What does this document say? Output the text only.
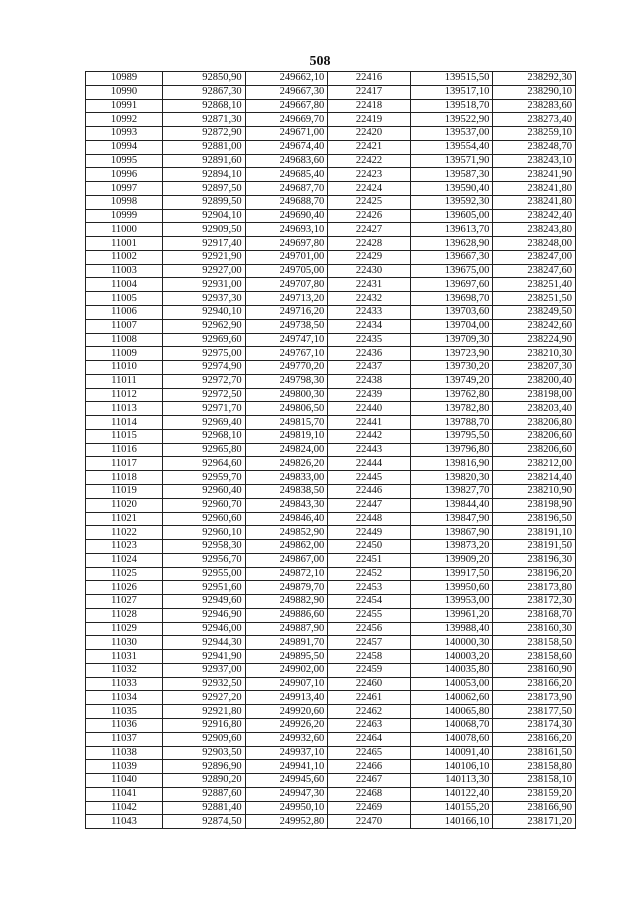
508
10989	92850,90	249662,10	22416	139515,50	238292,30
10990	92867,30	249667,30	22417	139517,10	238290,10
10991	92868,10	249667,80	22418	139518,70	238283,60
10992	92871,30	249669,70	22419	139522,90	238273,40
10993	92872,90	249671,00	22420	139537,00	238259,10
10994	92881,00	249674,40	22421	139554,40	238248,70
10995	92891,60	249683,60	22422	139571,90	238243,10
10996	92894,10	249685,40	22423	139587,30	238241,90
10997	92897,50	249687,70	22424	139590,40	238241,80
10998	92899,50	249688,70	22425	139592,30	238241,80
10999	92904,10	249690,40	22426	139605,00	238242,40
11000	92909,50	249693,10	22427	139613,70	238243,80
11001	92917,40	249697,80	22428	139628,90	238248,00
11002	92921,90	249701,00	22429	139667,30	238247,00
11003	92927,00	249705,00	22430	139675,00	238247,60
11004	92931,00	249707,80	22431	139697,60	238251,40
11005	92937,30	249713,20	22432	139698,70	238251,50
11006	92940,10	249716,20	22433	139703,60	238249,50
11007	92962,90	249738,50	22434	139704,00	238242,60
11008	92969,60	249747,10	22435	139709,30	238224,90
11009	92975,00	249767,10	22436	139723,90	238210,30
11010	92974,90	249770,20	22437	139730,20	238207,30
11011	92972,70	249798,30	22438	139749,20	238200,40
11012	92972,50	249800,30	22439	139762,80	238198,00
11013	92971,70	249806,50	22440	139782,80	238203,40
11014	92969,40	249815,70	22441	139788,70	238206,80
11015	92968,10	249819,10	22442	139795,50	238206,60
11016	92965,80	249824,00	22443	139796,80	238206,60
11017	92964,60	249826,20	22444	139816,90	238212,00
11018	92959,70	249833,00	22445	139820,30	238214,40
11019	92960,40	249838,50	22446	139827,70	238210,90
11020	92960,70	249843,30	22447	139844,40	238198,90
11021	92960,60	249846,40	22448	139847,90	238196,50
11022	92960,10	249852,90	22449	139867,90	238191,10
11023	92958,30	249862,00	22450	139873,20	238191,50
11024	92956,70	249867,00	22451	139909,20	238196,30
11025	92955,00	249872,10	22452	139917,50	238196,20
11026	92951,60	249879,70	22453	139950,60	238173,80
11027	92949,60	249882,90	22454	139953,00	238172,30
11028	92946,90	249886,60	22455	139961,20	238168,70
11029	92946,00	249887,90	22456	139988,40	238160,30
11030	92944,30	249891,70	22457	140000,30	238158,50
11031	92941,90	249895,50	22458	140003,20	238158,60
11032	92937,00	249902,00	22459	140035,80	238160,90
11033	92932,50	249907,10	22460	140053,00	238166,20
11034	92927,20	249913,40	22461	140062,60	238173,90
11035	92921,80	249920,60	22462	140065,80	238177,50
11036	92916,80	249926,20	22463	140068,70	238174,30
11037	92909,60	249932,60	22464	140078,60	238166,20
11038	92903,50	249937,10	22465	140091,40	238161,50
11039	92896,90	249941,10	22466	140106,10	238158,80
11040	92890,20	249945,60	22467	140113,30	238158,10
11041	92887,60	249947,30	22468	140122,40	238159,20
11042	92881,40	249950,10	22469	140155,20	238166,90
11043	92874,50	249952,80	22470	140166,10	238171,20
